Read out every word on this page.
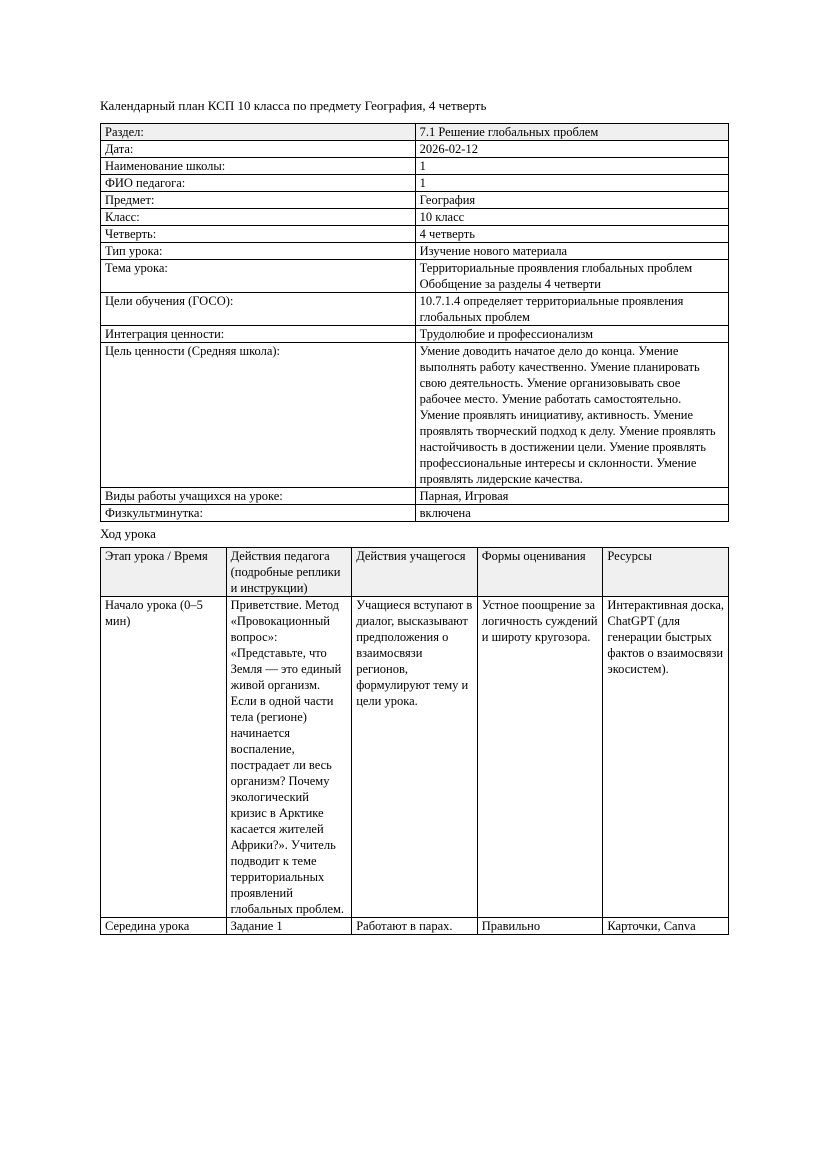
Календарный план КСП 10 класса по предмету География, 4 четверть

Раздел:	7.1 Решение глобальных проблем
Дата:	2026-02-12
Наименование школы:	1
ФИО педагога:	1
Предмет:	География
Класс:	10 класс
Четверть:	4 четверть
Тип урока:	Изучение нового материала
Тема урока:	Территориальные проявления глобальных проблем Обобщение за разделы 4 четверти
Цели обучения (ГОСО):	10.7.1.4 определяет территориальные проявления глобальных проблем
Интеграция ценности:	Трудолюбие и профессионализм
Цель ценности (Средняя школа):	Умение доводить начатое дело до конца. Умение выполнять работу качественно. Умение планировать свою деятельность. Умение организовывать свое рабочее место. Умение работать самостоятельно. Умение проявлять инициативу, активность. Умение проявлять творческий подход к делу. Умение проявлять настойчивость в достижении цели. Умение проявлять профессиональные интересы и склонности. Умение проявлять лидерские качества.
Виды работы учащихся на уроке:	Парная, Игровая
Физкультминутка:	включена

Ход урока

Этап урока / Время	Действия педагога (подробные реплики и инструкции)	Действия учащегося	Формы оценивания	Ресурсы
Начало урока (0–5 мин)	Приветствие. Метод «Провокационный вопрос»: «Представьте, что Земля — это единый живой организм. Если в одной части тела (регионе) начинается воспаление, пострадает ли весь организм? Почему экологический кризис в Арктике касается жителей Африки?». Учитель подводит к теме территориальных проявлений глобальных проблем.	Учащиеся вступают в диалог, высказывают предположения о взаимосвязи регионов, формулируют тему и цели урока.	Устное поощрение за логичность суждений и широту кругозора.	Интерактивная доска, ChatGPT (для генерации быстрых фактов о взаимосвязи экосистем).
Середина урока	Задание 1	Работают в парах.	Правильно	Карточки, Canva
